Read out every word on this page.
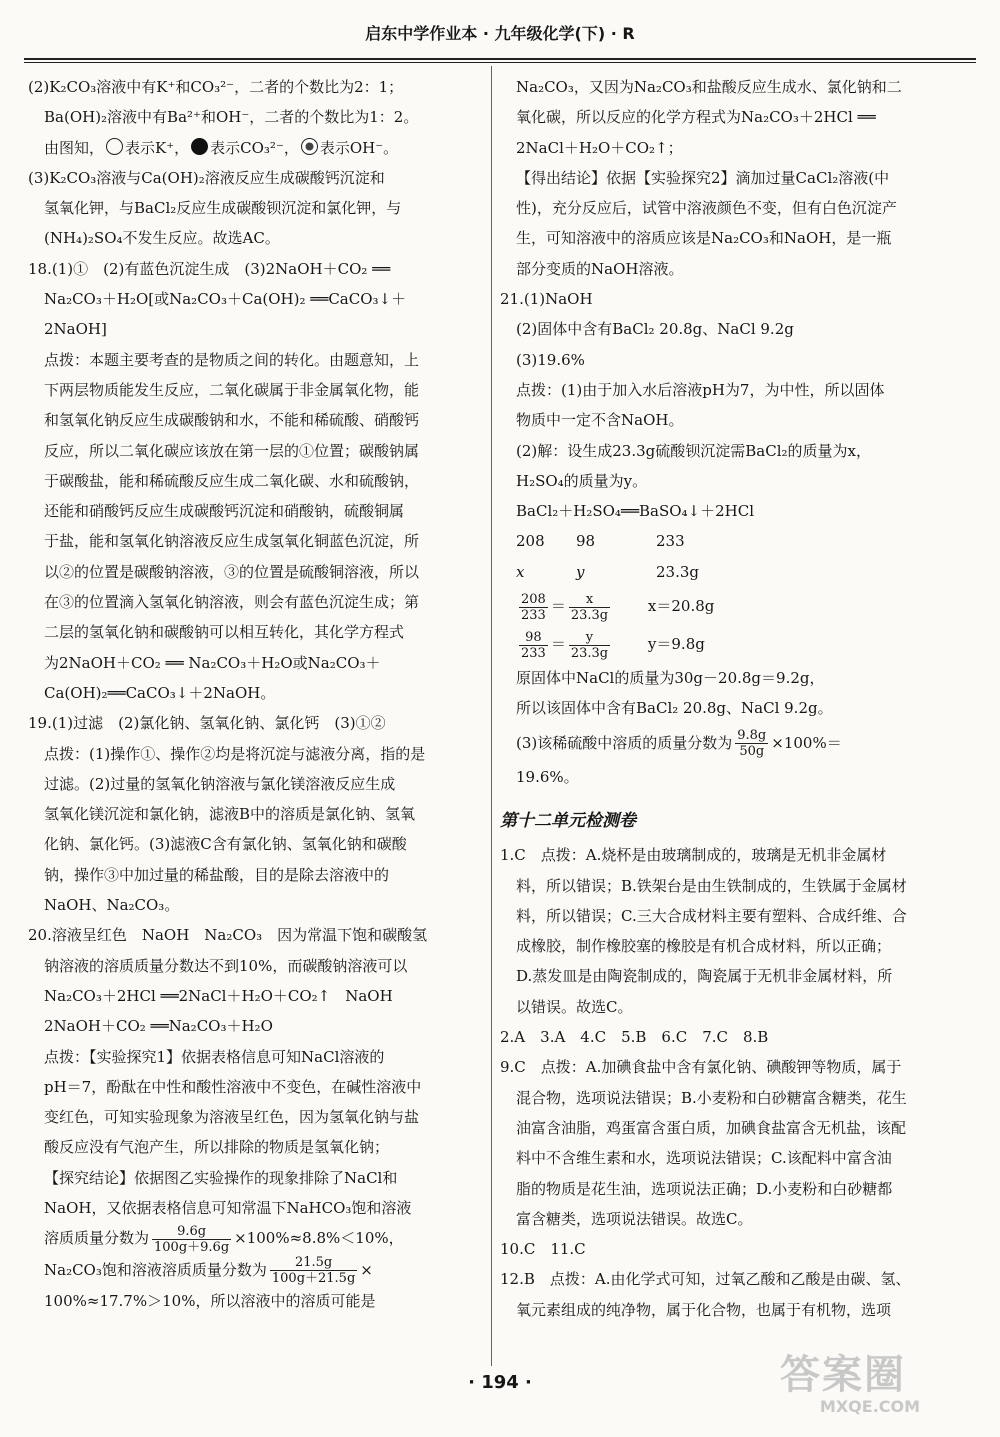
启东中学作业本 · 九年级化学(下) · R

(2)K₂CO₃溶液中有K⁺和CO₃²⁻，二者的个数比为2：1；

Ba(OH)₂溶液中有Ba²⁺和OH⁻，二者的个数比为1：2。

由图知， 表示K⁺， 表示CO₃²⁻， 表示OH⁻。

(3)K₂CO₃溶液与Ca(OH)₂溶液反应生成碳酸钙沉淀和

氢氧化钾，与BaCl₂反应生成碳酸钡沉淀和氯化钾，与

(NH₄)₂SO₄不发生反应。故选AC。

18.(1)①　(2)有蓝色沉淀生成　(3)2NaOH＋CO₂ ══

Na₂CO₃＋H₂O[或Na₂CO₃＋Ca(OH)₂ ══CaCO₃↓＋

2NaOH]

点拨：本题主要考查的是物质之间的转化。由题意知，上

下两层物质能发生反应，二氧化碳属于非金属氧化物，能

和氢氧化钠反应生成碳酸钠和水，不能和稀硫酸、硝酸钙

反应，所以二氧化碳应该放在第一层的①位置；碳酸钠属

于碳酸盐，能和稀硫酸反应生成二氧化碳、水和硫酸钠，

还能和硝酸钙反应生成碳酸钙沉淀和硝酸钠，硫酸铜属

于盐，能和氢氧化钠溶液反应生成氢氧化铜蓝色沉淀，所

以②的位置是碳酸钠溶液，③的位置是硫酸铜溶液，所以

在③的位置滴入氢氧化钠溶液，则会有蓝色沉淀生成；第

二层的氢氧化钠和碳酸钠可以相互转化，其化学方程式

为2NaOH＋CO₂ ══ Na₂CO₃＋H₂O或Na₂CO₃＋

Ca(OH)₂══CaCO₃↓＋2NaOH。

19.(1)过滤　(2)氯化钠、氢氧化钠、氯化钙　(3)①②

点拨：(1)操作①、操作②均是将沉淀与滤液分离，指的是

过滤。(2)过量的氢氧化钠溶液与氯化镁溶液反应生成

氢氧化镁沉淀和氯化钠，滤液B中的溶质是氯化钠、氢氧

化钠、氯化钙。(3)滤液C含有氯化钠、氢氧化钠和碳酸

钠，操作③中加过量的稀盐酸，目的是除去溶液中的

NaOH、Na₂CO₃。

20.溶液呈红色　NaOH　Na₂CO₃　因为常温下饱和碳酸氢

钠溶液的溶质质量分数达不到10%，而碳酸钠溶液可以

Na₂CO₃＋2HCl ══2NaCl＋H₂O＋CO₂↑　NaOH

2NaOH＋CO₂ ══Na₂CO₃＋H₂O

点拨：【实验探究1】依据表格信息可知NaCl溶液的

pH＝7，酚酞在中性和酸性溶液中不变色，在碱性溶液中

变红色，可知实验现象为溶液呈红色，因为氢氧化钠与盐

酸反应没有气泡产生，所以排除的物质是氢氧化钠；

【探究结论】依据图乙实验操作的现象排除了NaCl和

NaOH，又依据表格信息可知常温下NaHCO₃饱和溶液

溶质质量分数为 $\frac{9.6g}{100g+9.6g} \times 100\%\approx 8.8\%<10\%$，

Na₂CO₃饱和溶液溶质质量分数为 $\frac{21.5g}{100g+21.5g}$ ×

100%≈17.7%＞10%，所以溶液中的溶质可能是

Na₂CO₃，又因为Na₂CO₃和盐酸反应生成水、氯化钠和二

氧化碳，所以反应的化学方程式为Na₂CO₃＋2HCl ══

2NaCl＋H₂O＋CO₂↑；

【得出结论】依据【实验探究2】滴加过量CaCl₂溶液(中

性)，充分反应后，试管中溶液颜色不变，但有白色沉淀产

生，可知溶液中的溶质应该是Na₂CO₃和NaOH，是一瓶

部分变质的NaOH溶液。

21.(1)NaOH

(2)固体中含有BaCl₂ 20.8g、NaCl 9.2g

(3)19.6%

点拨：(1)由于加入水后溶液pH为7，为中性，所以固体

物质中一定不含NaOH。

(2)解：设生成23.3g硫酸钡沉淀需BaCl₂的质量为x，

H₂SO₄的质量为y。

BaCl₂＋H₂SO₄══BaSO₄↓＋2HCl

208 98	233

x	y	23.3g

$\frac{208}{233} = \frac{x}{23.3g}$	x＝20.8g

$\frac{98}{233} = \frac{y}{23.3g}$	y＝9.8g

原固体中NaCl的质量为30g－20.8g＝9.2g，

所以该固体中含有BaCl₂ 20.8g、NaCl 9.2g。

(3)该稀硫酸中溶质的质量分数为 $\frac{9.8g}{50g} \times 100\%=$

19.6%。

第十二单元检测卷

1.C　点拨：A.烧杯是由玻璃制成的，玻璃是无机非金属材

料，所以错误；B.铁架台是由生铁制成的，生铁属于金属材

料，所以错误；C.三大合成材料主要有塑料、合成纤维、合

成橡胶，制作橡胶塞的橡胶是有机合成材料，所以正确；

D.蒸发皿是由陶瓷制成的，陶瓷属于无机非金属材料，所

以错误。故选C。

2.A　3.A　4.C　5.B　6.C　7.C　8.B

9.C　点拨：A.加碘食盐中含有氯化钠、碘酸钾等物质，属于

混合物，选项说法错误；B.小麦粉和白砂糖富含糖类，花生

油富含油脂，鸡蛋富含蛋白质，加碘食盐富含无机盐，该配

料中不含维生素和水，选项说法错误；C.该配料中富含油

脂的物质是花生油，选项说法正确；D.小麦粉和白砂糖都

富含糖类，选项说法错误。故选C。

10.C　11.C

12.B　点拨：A.由化学式可知，过氧乙酸和乙酸是由碳、氢、

氧元素组成的纯净物，属于化合物，也属于有机物，选项

· 194 ·	答案圈
MXQE.COM
